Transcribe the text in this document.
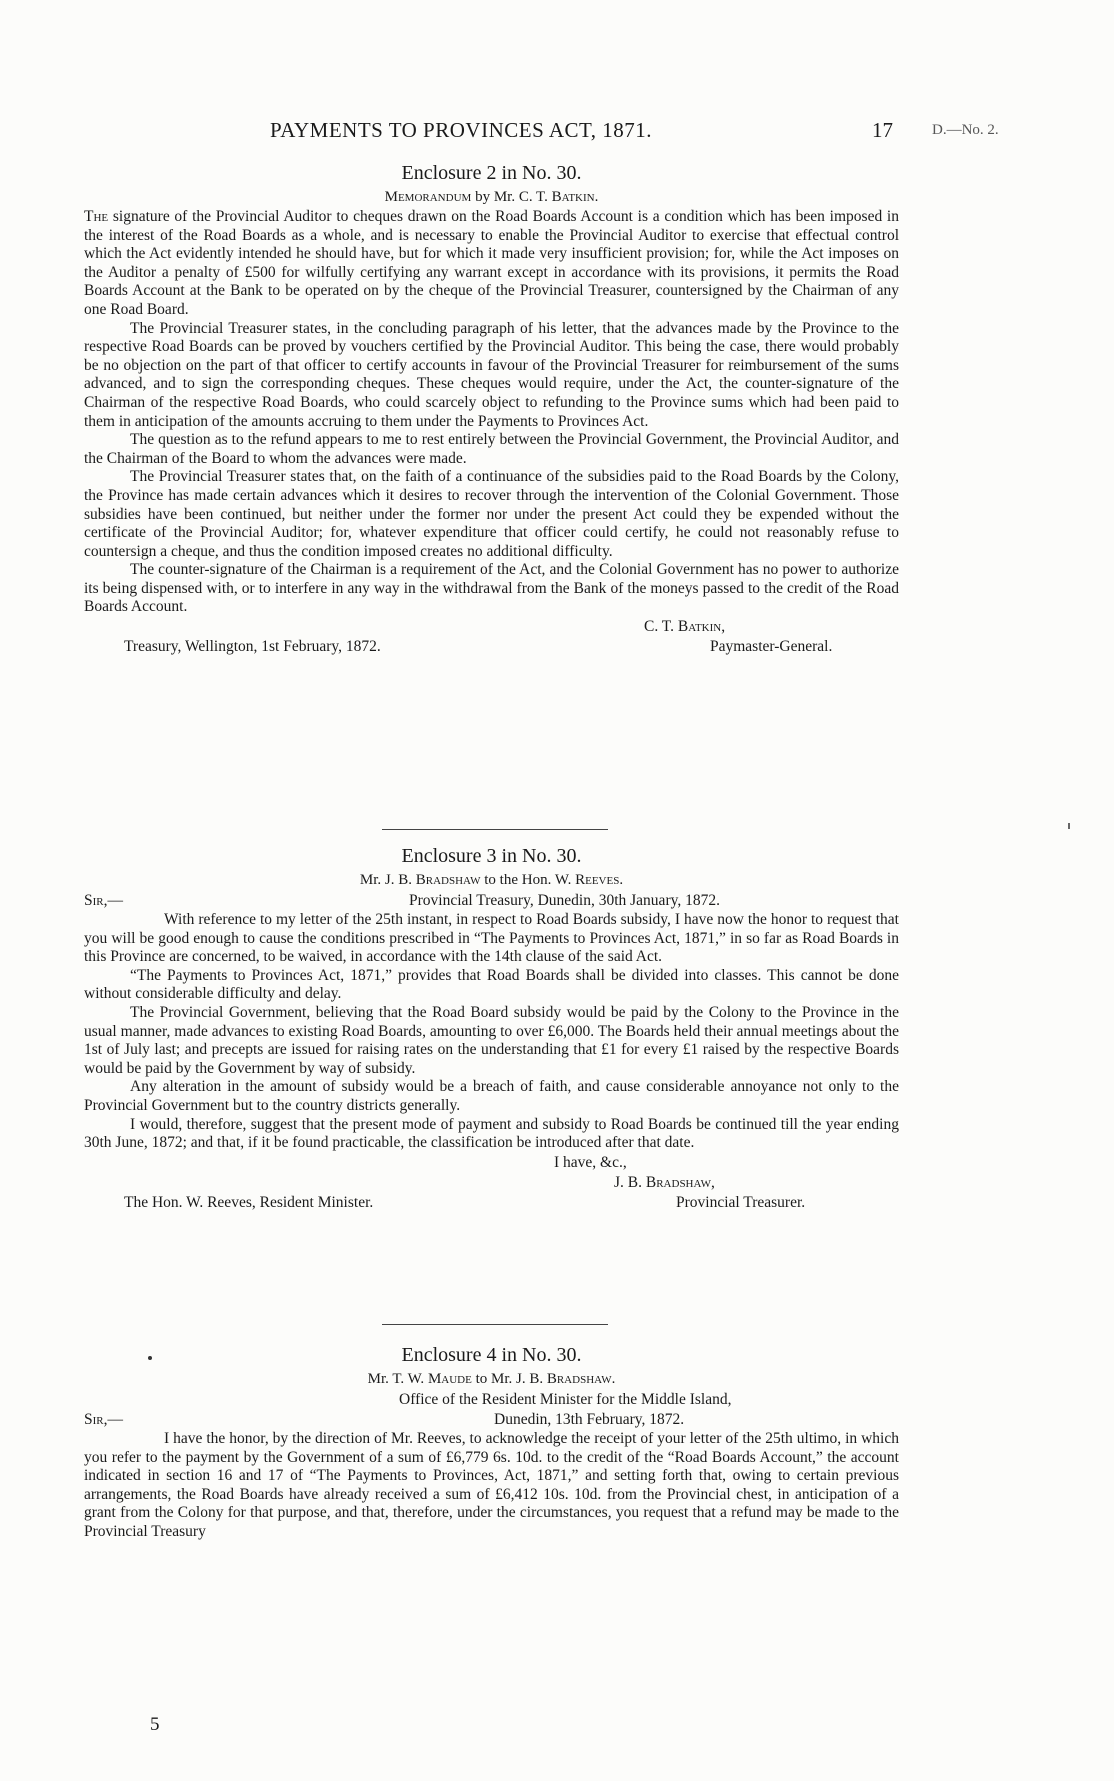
PAYMENTS TO PROVINCES ACT, 1871.	17	D.—No. 2.

Enclosure 2 in No. 30.

Memorandum by Mr. C. T. Batkin.

The signature of the Provincial Auditor to cheques drawn on the Road Boards Account is a condition which has been imposed in the interest of the Road Boards as a whole, and is necessary to enable the Provincial Auditor to exercise that effectual control which the Act evidently intended he should have, but for which it made very insufficient provision; for, while the Act imposes on the Auditor a penalty of £500 for wilfully certifying any warrant except in accordance with its provisions, it permits the Road Boards Account at the Bank to be operated on by the cheque of the Provincial Treasurer, countersigned by the Chairman of any one Road Board.

The Provincial Treasurer states, in the concluding paragraph of his letter, that the advances made by the Province to the respective Road Boards can be proved by vouchers certified by the Provincial Auditor. This being the case, there would probably be no objection on the part of that officer to certify accounts in favour of the Provincial Treasurer for reimbursement of the sums advanced, and to sign the corresponding cheques. These cheques would require, under the Act, the counter-signature of the Chairman of the respective Road Boards, who could scarcely object to refunding to the Province sums which had been paid to them in anticipation of the amounts accruing to them under the Payments to Provinces Act.

The question as to the refund appears to me to rest entirely between the Provincial Government, the Provincial Auditor, and the Chairman of the Board to whom the advances were made.

The Provincial Treasurer states that, on the faith of a continuance of the subsidies paid to the Road Boards by the Colony, the Province has made certain advances which it desires to recover through the intervention of the Colonial Government. Those subsidies have been continued, but neither under the former nor under the present Act could they be expended without the certificate of the Provincial Auditor; for, whatever expenditure that officer could certify, he could not reasonably refuse to countersign a cheque, and thus the condition imposed creates no additional difficulty.

The counter-signature of the Chairman is a requirement of the Act, and the Colonial Government has no power to authorize its being dispensed with, or to interfere in any way in the withdrawal from the Bank of the moneys passed to the credit of the Road Boards Account.

C. T. Batkin,
Treasury, Wellington, 1st February, 1872.	Paymaster-General.

Enclosure 3 in No. 30.

Mr. J. B. Bradshaw to the Hon. W. Reeves.

Sir,—	Provincial Treasury, Dunedin, 30th January, 1872.

With reference to my letter of the 25th instant, in respect to Road Boards subsidy, I have now the honor to request that you will be good enough to cause the conditions prescribed in “The Payments to Provinces Act, 1871,” in so far as Road Boards in this Province are concerned, to be waived, in accordance with the 14th clause of the said Act.

“The Payments to Provinces Act, 1871,” provides that Road Boards shall be divided into classes. This cannot be done without considerable difficulty and delay.

The Provincial Government, believing that the Road Board subsidy would be paid by the Colony to the Province in the usual manner, made advances to existing Road Boards, amounting to over £6,000. The Boards held their annual meetings about the 1st of July last; and precepts are issued for raising rates on the understanding that £1 for every £1 raised by the respective Boards would be paid by the Government by way of subsidy.

Any alteration in the amount of subsidy would be a breach of faith, and cause considerable annoyance not only to the Provincial Government but to the country districts generally.

I would, therefore, suggest that the present mode of payment and subsidy to Road Boards be continued till the year ending 30th June, 1872; and that, if it be found practicable, the classification be introduced after that date.

I have, &c.,
J. B. Bradshaw,
The Hon. W. Reeves, Resident Minister.	Provincial Treasurer.

Enclosure 4 in No. 30.

Mr. T. W. Maude to Mr. J. B. Bradshaw.

Office of the Resident Minister for the Middle Island,
Sir,—	Dunedin, 13th February, 1872.

I have the honor, by the direction of Mr. Reeves, to acknowledge the receipt of your letter of the 25th ultimo, in which you refer to the payment by the Government of a sum of £6,779 6s. 10d. to the credit of the “Road Boards Account,” the account indicated in section 16 and 17 of “The Payments to Provinces, Act, 1871,” and setting forth that, owing to certain previous arrangements, the Road Boards have already received a sum of £6,412 10s. 10d. from the Provincial chest, in anticipation of a grant from the Colony for that purpose, and that, therefore, under the circumstances, you request that a refund may be made to the Provincial Treasury

5
